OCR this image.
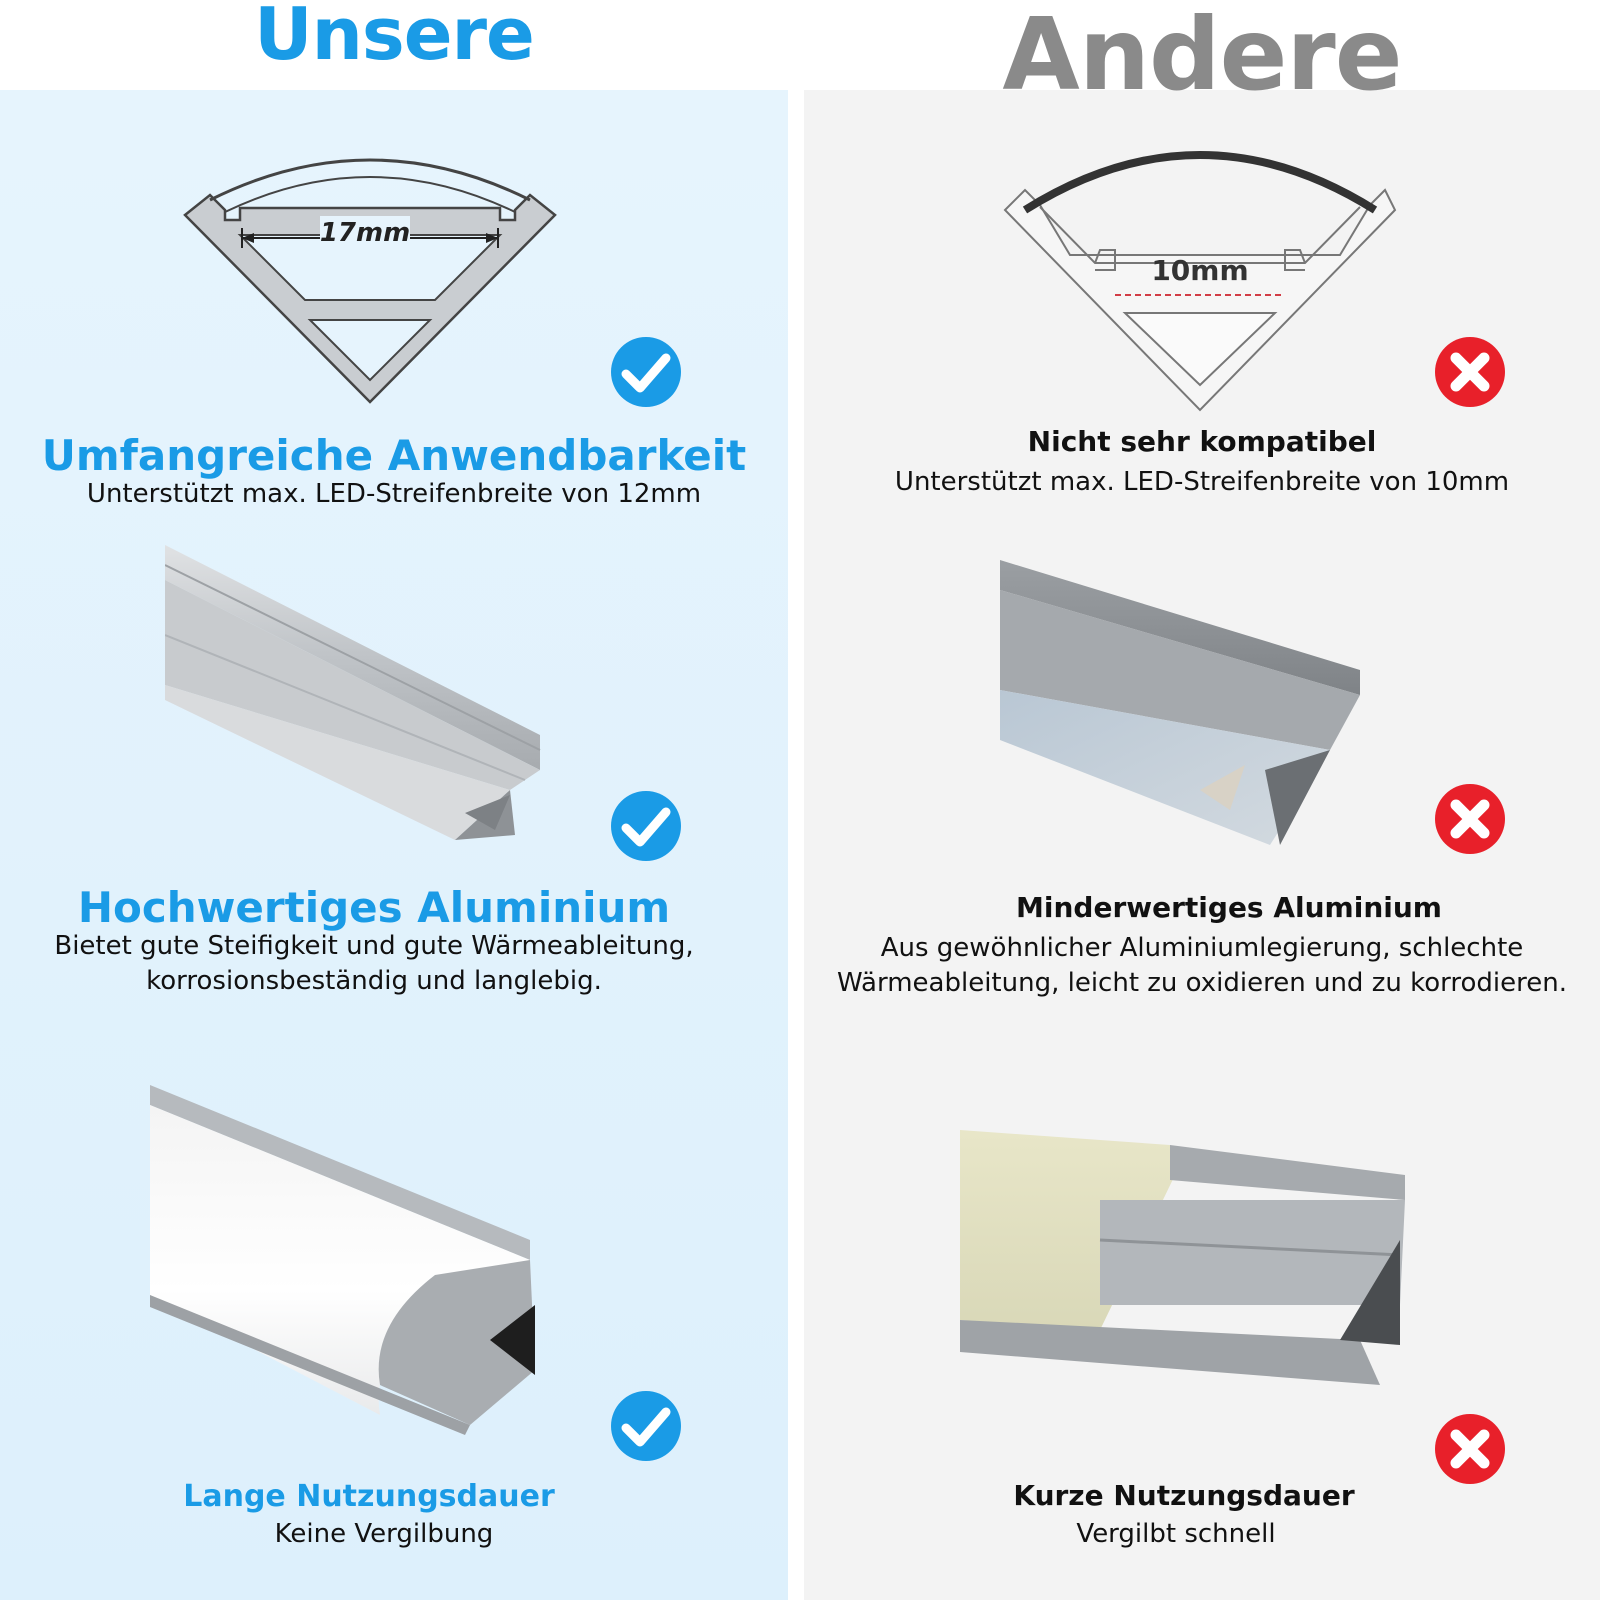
Unsere	Andere
17mm
Umfangreiche Anwendbarkeit
Unterstützt max. LED-Streifenbreite von 12mm
Hochwertiges Aluminium
Bietet gute Steifigkeit und gute Wärmeableitung,
korrosionsbeständig und langlebig.
Lange Nutzungsdauer
Keine Vergilbung
10mm
Nicht sehr kompatibel
Unterstützt max. LED-Streifenbreite von 10mm
Minderwertiges Aluminium
Aus gewöhnlicher Aluminiumlegierung, schlechte
Wärmeableitung, leicht zu oxidieren und zu korrodieren.
Kurze Nutzungsdauer
Vergilbt schnell
